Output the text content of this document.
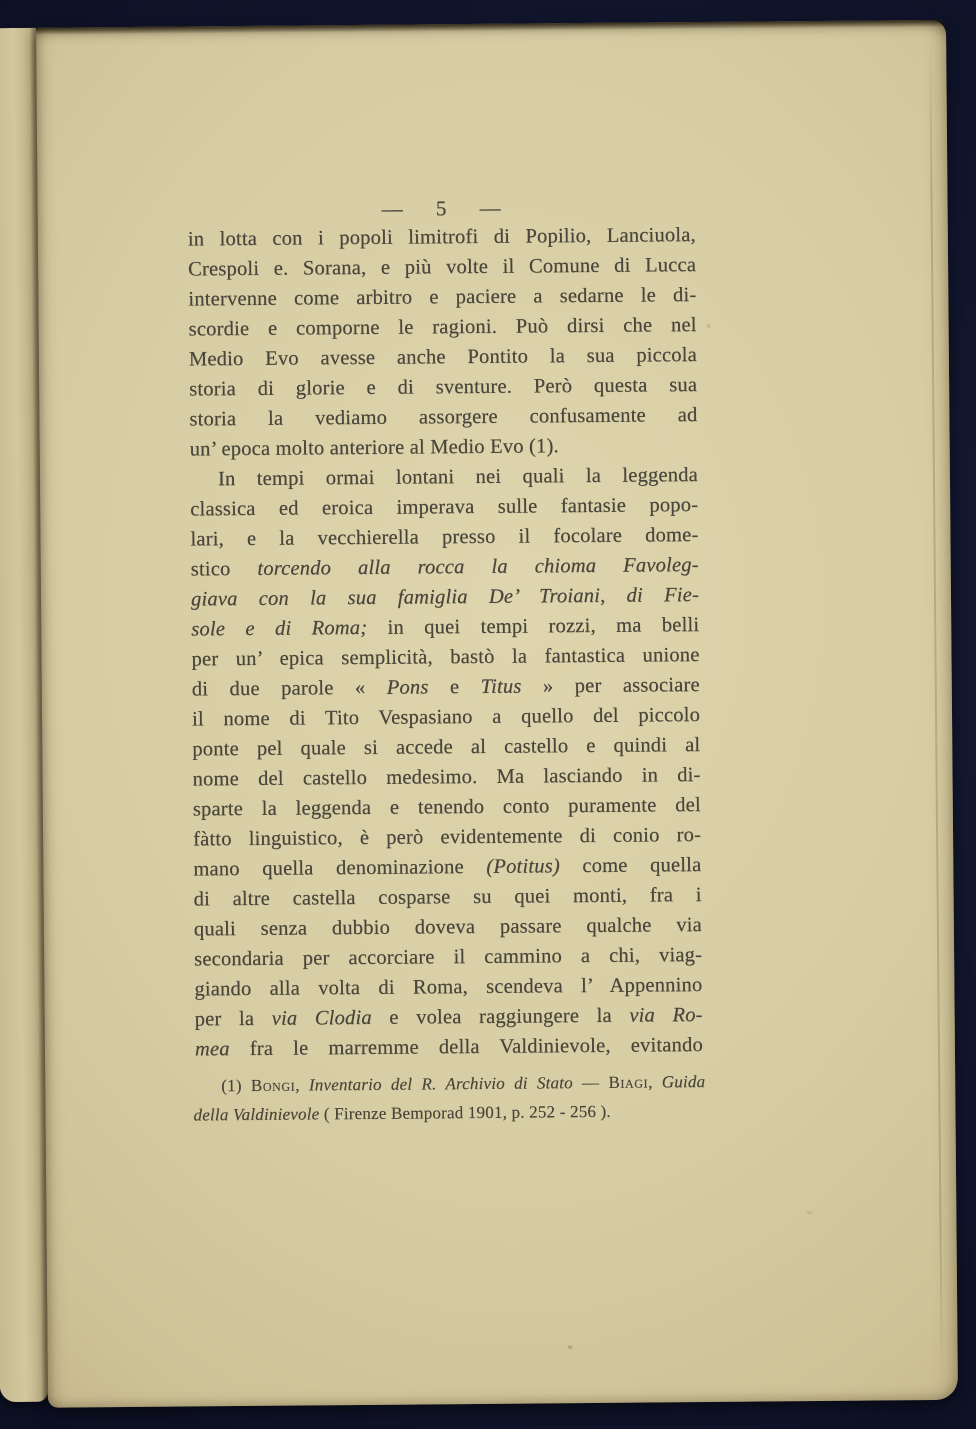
— 5 —
in lotta con i popoli limitrofi di Popilio, Lanciuola,
Crespoli e. Sorana, e più volte il Comune di Lucca
intervenne come arbitro e paciere a sedarne le di-
scordie e comporne le ragioni. Può dirsi che nel
Medio Evo avesse anche Pontito la sua piccola
storia di glorie e di sventure. Però questa sua
storia la vediamo assorgere confusamente ad
un’ epoca molto anteriore al Medio Evo (1).
In tempi ormai lontani nei quali la leggenda
classica ed eroica imperava sulle fantasie popo-
lari, e la vecchierella presso il focolare dome-
stico torcendo alla rocca la chioma Favoleg-
giava con la sua famiglia De’ Troiani, di Fie-
sole e di Roma; in quei tempi rozzi, ma belli
per un’ epica semplicità, bastò la fantastica unione
di due parole « Pons e Titus » per associare
il nome di Tito Vespasiano a quello del piccolo
ponte pel quale si accede al castello e quindi al
nome del castello medesimo. Ma lasciando in di-
sparte la leggenda e tenendo conto puramente del
fàtto linguistico, è però evidentemente di conio ro-
mano quella denominazione (Potitus) come quella
di altre castella cosparse su quei monti, fra i
quali senza dubbio doveva passare qualche via
secondaria per accorciare il cammino a chi, viag-
giando alla volta di Roma, scendeva l’ Appennino
per la via Clodia e volea raggiungere la via Ro-
mea fra le marremme della Valdinievole, evitando
(1) Bongi, Inventario del R. Archivio di Stato — Biagi, Guida
della Valdinievole ( Firenze Bemporad 1901, p. 252 - 256 ).
